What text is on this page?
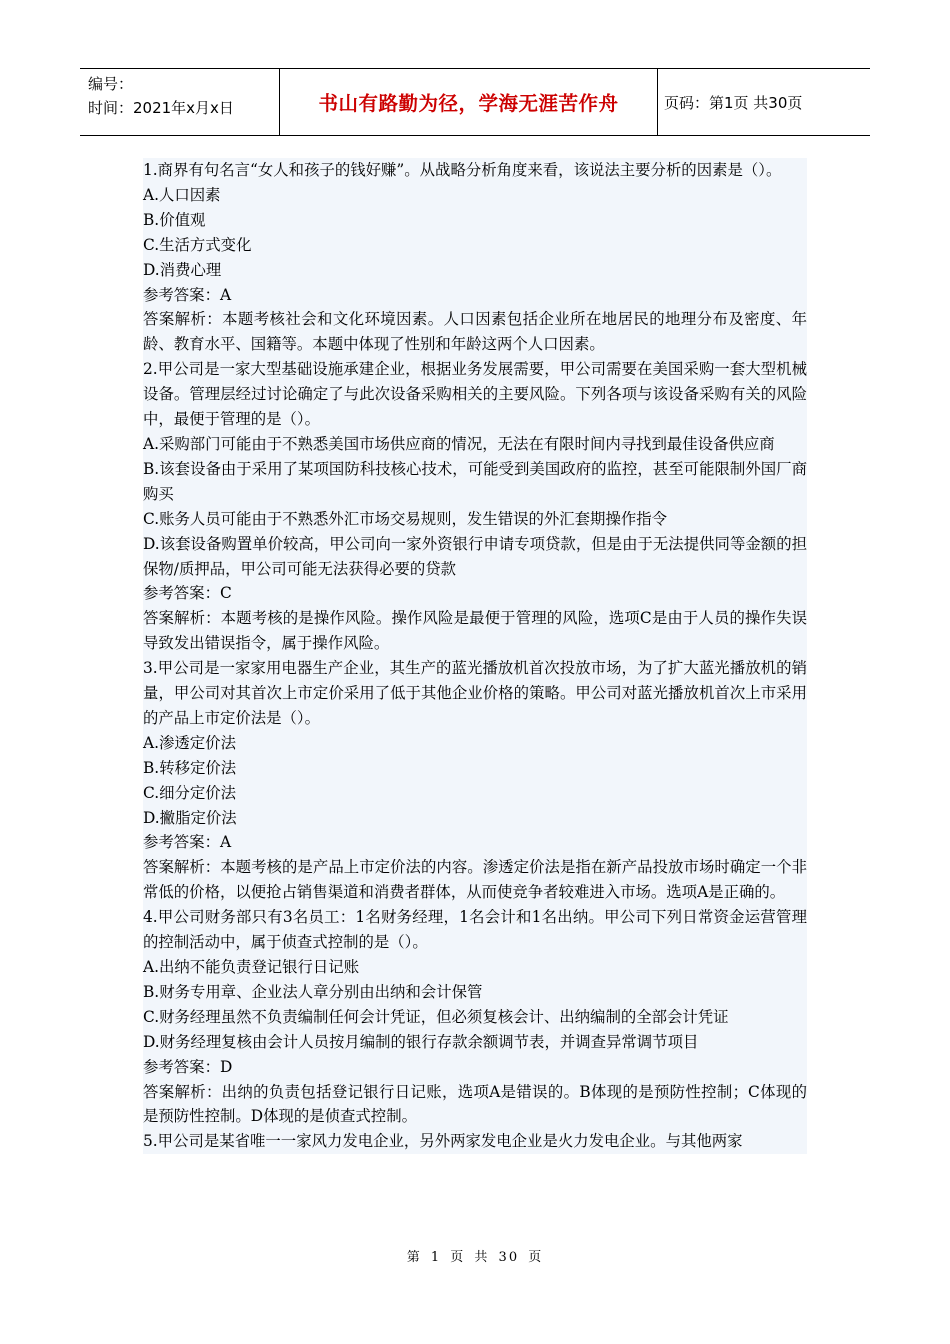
编号：
时间：2021年x月x日	书山有路勤为径，学海无涯苦作舟	页码：第1页 共30页

1.商界有句名言“女人和孩子的钱好赚”。从战略分析角度来看，该说法主要分析的因素是（）。

A.人口因素

B.价值观

C.生活方式变化

D.消费心理

参考答案：A

答案解析：本题考核社会和文化环境因素。人口因素包括企业所在地居民的地理分布及密度、年龄、教育水平、国籍等。本题中体现了性别和年龄这两个人口因素。

2.甲公司是一家大型基础设施承建企业，根据业务发展需要，甲公司需要在美国采购一套大型机械设备。管理层经过讨论确定了与此次设备采购相关的主要风险。下列各项与该设备采购有关的风险中，最便于管理的是（）。

A.采购部门可能由于不熟悉美国市场供应商的情况，无法在有限时间内寻找到最佳设备供应商

B.该套设备由于采用了某项国防科技核心技术，可能受到美国政府的监控，甚至可能限制外国厂商购买

C.账务人员可能由于不熟悉外汇市场交易规则，发生错误的外汇套期操作指令

D.该套设备购置单价较高，甲公司向一家外资银行申请专项贷款，但是由于无法提供同等金额的担保物/质押品，甲公司可能无法获得必要的贷款

参考答案：C

答案解析：本题考核的是操作风险。操作风险是最便于管理的风险，选项C是由于人员的操作失误导致发出错误指令，属于操作风险。

3.甲公司是一家家用电器生产企业，其生产的蓝光播放机首次投放市场，为了扩大蓝光播放机的销量，甲公司对其首次上市定价采用了低于其他企业价格的策略。甲公司对蓝光播放机首次上市采用的产品上市定价法是（）。

A.渗透定价法

B.转移定价法

C.细分定价法

D.撇脂定价法

参考答案：A

答案解析：本题考核的是产品上市定价法的内容。渗透定价法是指在新产品投放市场时确定一个非常低的价格，以便抢占销售渠道和消费者群体，从而使竞争者较难进入市场。选项A是正确的。

4.甲公司财务部只有3名员工：1名财务经理，1名会计和1名出纳。甲公司下列日常资金运营管理的控制活动中，属于侦查式控制的是（）。

A.出纳不能负责登记银行日记账

B.财务专用章、企业法人章分别由出纳和会计保管

C.财务经理虽然不负责编制任何会计凭证，但必须复核会计、出纳编制的全部会计凭证

D.财务经理复核由会计人员按月编制的银行存款余额调节表，并调查异常调节项目

参考答案：D

答案解析：出纳的负责包括登记银行日记账，选项A是错误的。B体现的是预防性控制；C体现的是预防性控制。D体现的是侦查式控制。

5.甲公司是某省唯一一家风力发电企业，另外两家发电企业是火力发电企业。与其他两家

第 1 页 共 30 页
